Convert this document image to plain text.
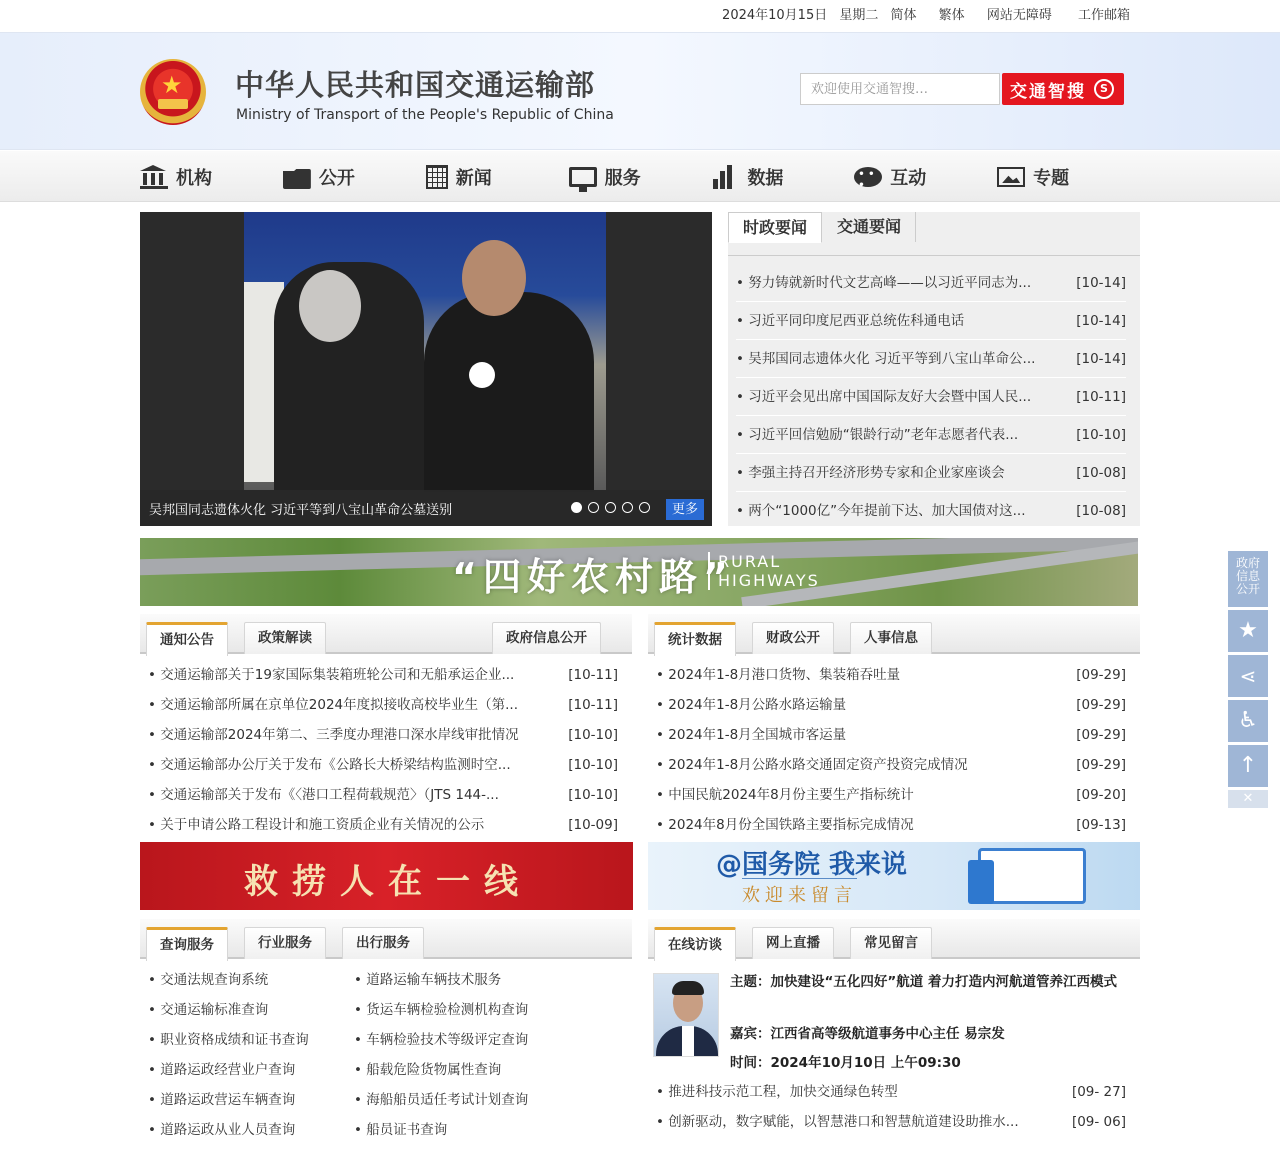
2024年10月15日 星期二 简体 繁体 网站无障碍 工作邮箱
★ 中华人民共和国交通运输部
Ministry of Transport of the People's Republic of China
欢迎使用交通智搜…
交通智搜	S
机构	公开	新闻	服务	数据 • • •	互动	专题
吴邦国同志遗体火化 习近平等到八宝山革命公墓送别	更多
时政要闻	交通要闻
• 努力铸就新时代文艺高峰——以习近平同志为...	[10-14]
• 习近平同印度尼西亚总统佐科通电话	[10-14]
• 吴邦国同志遗体火化 习近平等到八宝山革命公...	[10-14]
• 习近平会见出席中国国际友好大会暨中国人民...	[10-11]
• 习近平回信勉励“银龄行动”老年志愿者代表...	[10-10]
• 李强主持召开经济形势专家和企业家座谈会	[10-08]
• 两个“1000亿”今年提前下达、加大国债对这...	[10-08]
“四好农村路”
RURAL
HIGHWAYS
通知公告	政策解读	政府信息公开
• 交通运输部关于19家国际集装箱班轮公司和无船承运企业...	[10-11]
• 交通运输部所属在京单位2024年度拟接收高校毕业生（第...	[10-11]
• 交通运输部2024年第二、三季度办理港口深水岸线审批情况	[10-10]
• 交通运输部办公厅关于发布《公路长大桥梁结构监测时空...	[10-10]
• 交通运输部关于发布《〈港口工程荷载规范〉（JTS 144-...	[10-10]
• 关于申请公路工程设计和施工资质企业有关情况的公示	[10-09]
统计数据	财政公开	人事信息
• 2024年1-8月港口货物、集装箱吞吐量	[09-29]
• 2024年1-8月公路水路运输量	[09-29]
• 2024年1-8月全国城市客运量	[09-29]
• 2024年1-8月公路水路交通固定资产投资完成情况	[09-29]
• 中国民航2024年8月份主要生产指标统计	[09-20]
• 2024年8月份全国铁路主要指标完成情况	[09-13]
救捞人在一线	@国务院 我来说
欢迎来留言
查询服务	行业服务	出行服务
• 交通法规查询系统	• 道路运输车辆技术服务
• 交通运输标准查询	• 货运车辆检验检测机构查询
• 职业资格成绩和证书查询	• 车辆检验技术等级评定查询
• 道路运政经营业户查询	• 船载危险货物属性查询
• 道路运政营运车辆查询	• 海船船员适任考试计划查询
• 道路运政从业人员查询	• 船员证书查询
在线访谈	网上直播	常见留言
主题：加快建设“五化四好”航道 着力打造内河航道管养江西模式
嘉宾：江西省高等级航道事务中心主任 易宗发
时间：2024年10月10日 上午09:30
• 推进科技示范工程，加快交通绿色转型	[09- 27]
• 创新驱动，数字赋能，以智慧港口和智慧航道建设助推水...	[09- 06]
政府信息公开
★
⋖
♿
↑
✕
